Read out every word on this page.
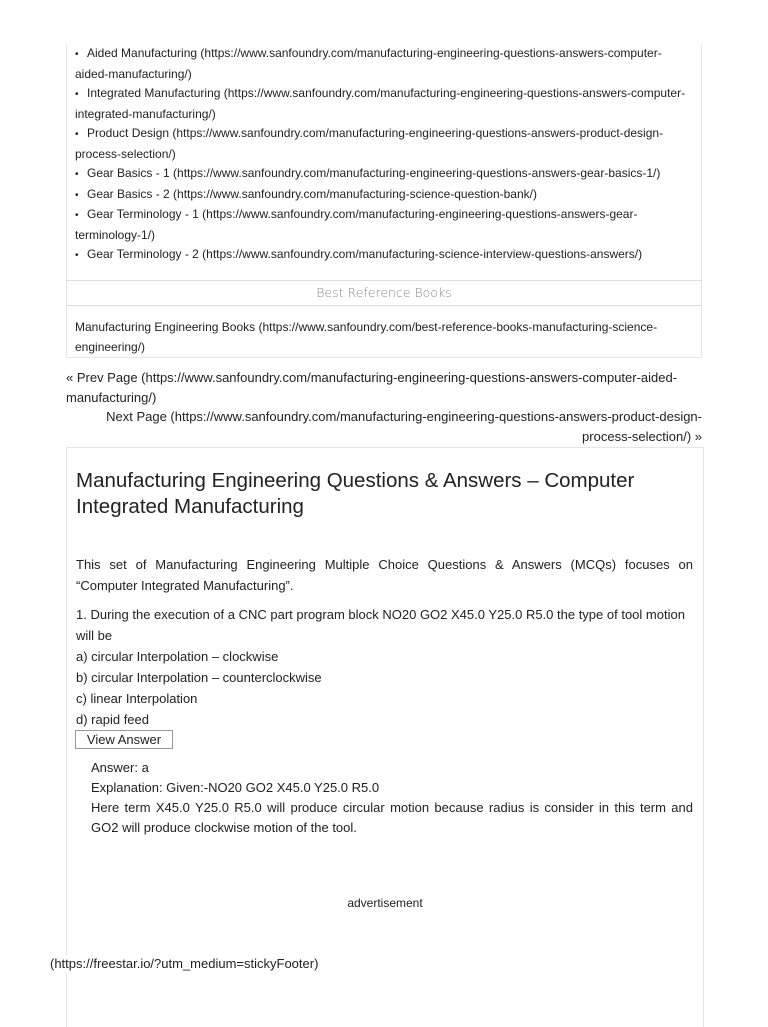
• Aided Manufacturing (https://www.sanfoundry.com/manufacturing-engineering-questions-answers-computer-aided-manufacturing/)
• Integrated Manufacturing (https://www.sanfoundry.com/manufacturing-engineering-questions-answers-computer-integrated-manufacturing/)
• Product Design (https://www.sanfoundry.com/manufacturing-engineering-questions-answers-product-design-process-selection/)
• Gear Basics - 1 (https://www.sanfoundry.com/manufacturing-engineering-questions-answers-gear-basics-1/)
• Gear Basics - 2 (https://www.sanfoundry.com/manufacturing-science-question-bank/)
• Gear Terminology - 1 (https://www.sanfoundry.com/manufacturing-engineering-questions-answers-gear-terminology-1/)
• Gear Terminology - 2 (https://www.sanfoundry.com/manufacturing-science-interview-questions-answers/)
Best Reference Books
Manufacturing Engineering Books (https://www.sanfoundry.com/best-reference-books-manufacturing-science-engineering/)
« Prev Page (https://www.sanfoundry.com/manufacturing-engineering-questions-answers-computer-aided-manufacturing/)
Next Page (https://www.sanfoundry.com/manufacturing-engineering-questions-answers-product-design-process-selection/) »
Manufacturing Engineering Questions & Answers – Computer Integrated Manufacturing
This set of Manufacturing Engineering Multiple Choice Questions & Answers (MCQs) focuses on “Computer Integrated Manufacturing”.
1. During the execution of a CNC part program block NO20 GO2 X45.0 Y25.0 R5.0 the type of tool motion will be
a) circular Interpolation – clockwise
b) circular Interpolation – counterclockwise
c) linear Interpolation
d) rapid feed
View Answer
Answer: a
Explanation: Given:-NO20 GO2 X45.0 Y25.0 R5.0
Here term X45.0 Y25.0 R5.0 will produce circular motion because radius is consider in this term and GO2 will produce clockwise motion of the tool.
advertisement
(https://freestar.io/?utm_medium=stickyFooter)
